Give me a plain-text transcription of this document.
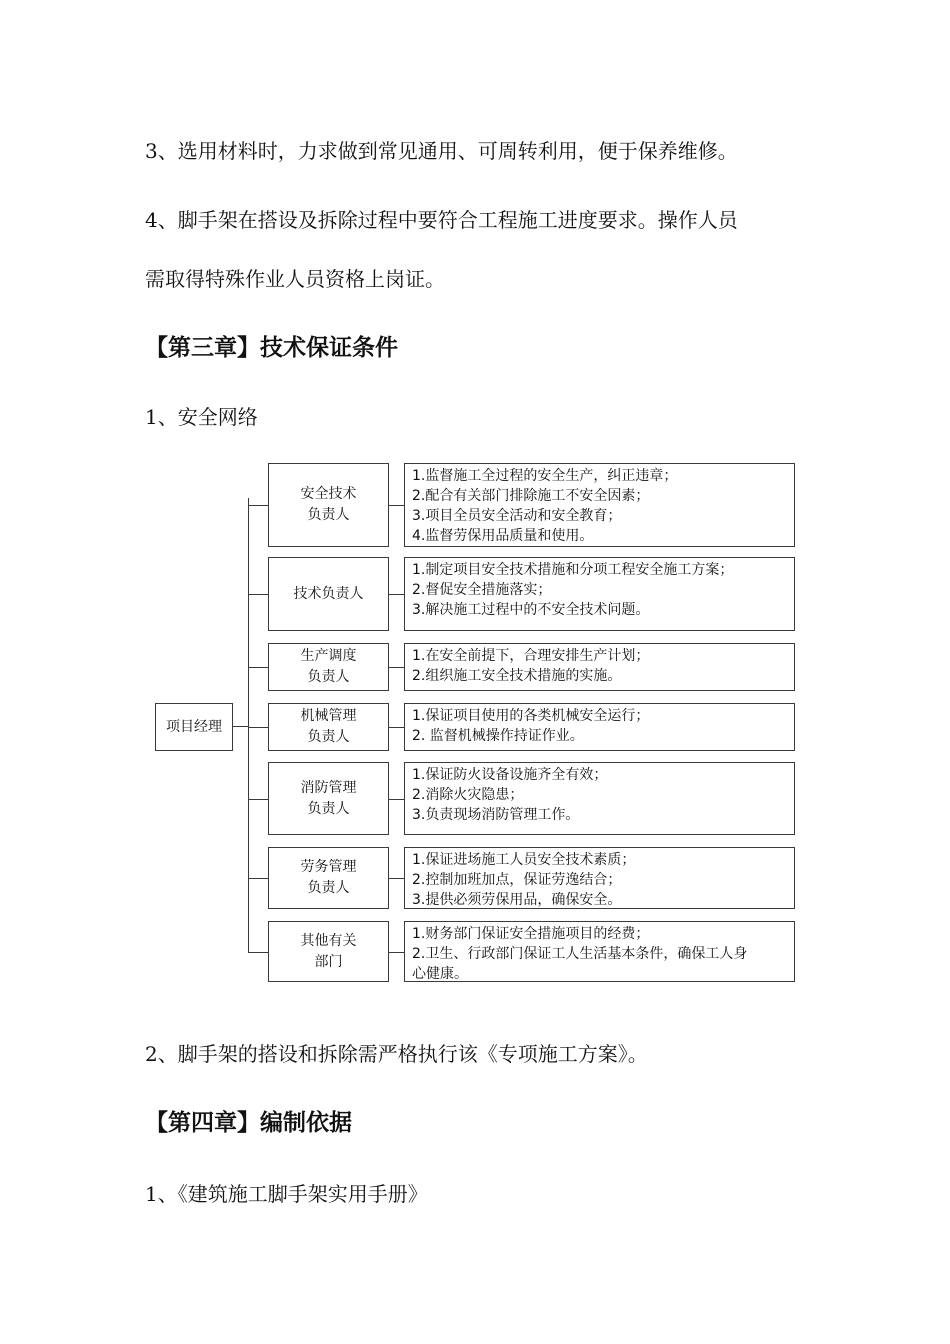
3、选用材料时，力求做到常见通用、可周转利用，便于保养维修。
4、脚手架在搭设及拆除过程中要符合工程施工进度要求。操作人员
需取得特殊作业人员资格上岗证。
【第三章】技术保证条件
1、安全网络
项目经理
安全技术
负责人
1.监督施工全过程的安全生产，纠正违章；
2.配合有关部门排除施工不安全因素；
3.项目全员安全活动和安全教育；
4.监督劳保用品质量和使用。
技术负责人
1.制定项目安全技术措施和分项工程安全施工方案；
2.督促安全措施落实；
3.解决施工过程中的不安全技术问题。
生产调度
负责人
1.在安全前提下，合理安排生产计划；
2.组织施工安全技术措施的实施。
机械管理
负责人
1.保证项目使用的各类机械安全运行；
2. 监督机械操作持证作业。
消防管理
负责人
1.保证防火设备设施齐全有效；
2.消除火灾隐患；
3.负责现场消防管理工作。
劳务管理
负责人
1.保证进场施工人员安全技术素质；
2.控制加班加点，保证劳逸结合；
3.提供必须劳保用品，确保安全。
其他有关
部门
1.财务部门保证安全措施项目的经费；
2.卫生、行政部门保证工人生活基本条件，确保工人身
心健康。
2、脚手架的搭设和拆除需严格执行该《专项施工方案》。
【第四章】编制依据
1、《建筑施工脚手架实用手册》
